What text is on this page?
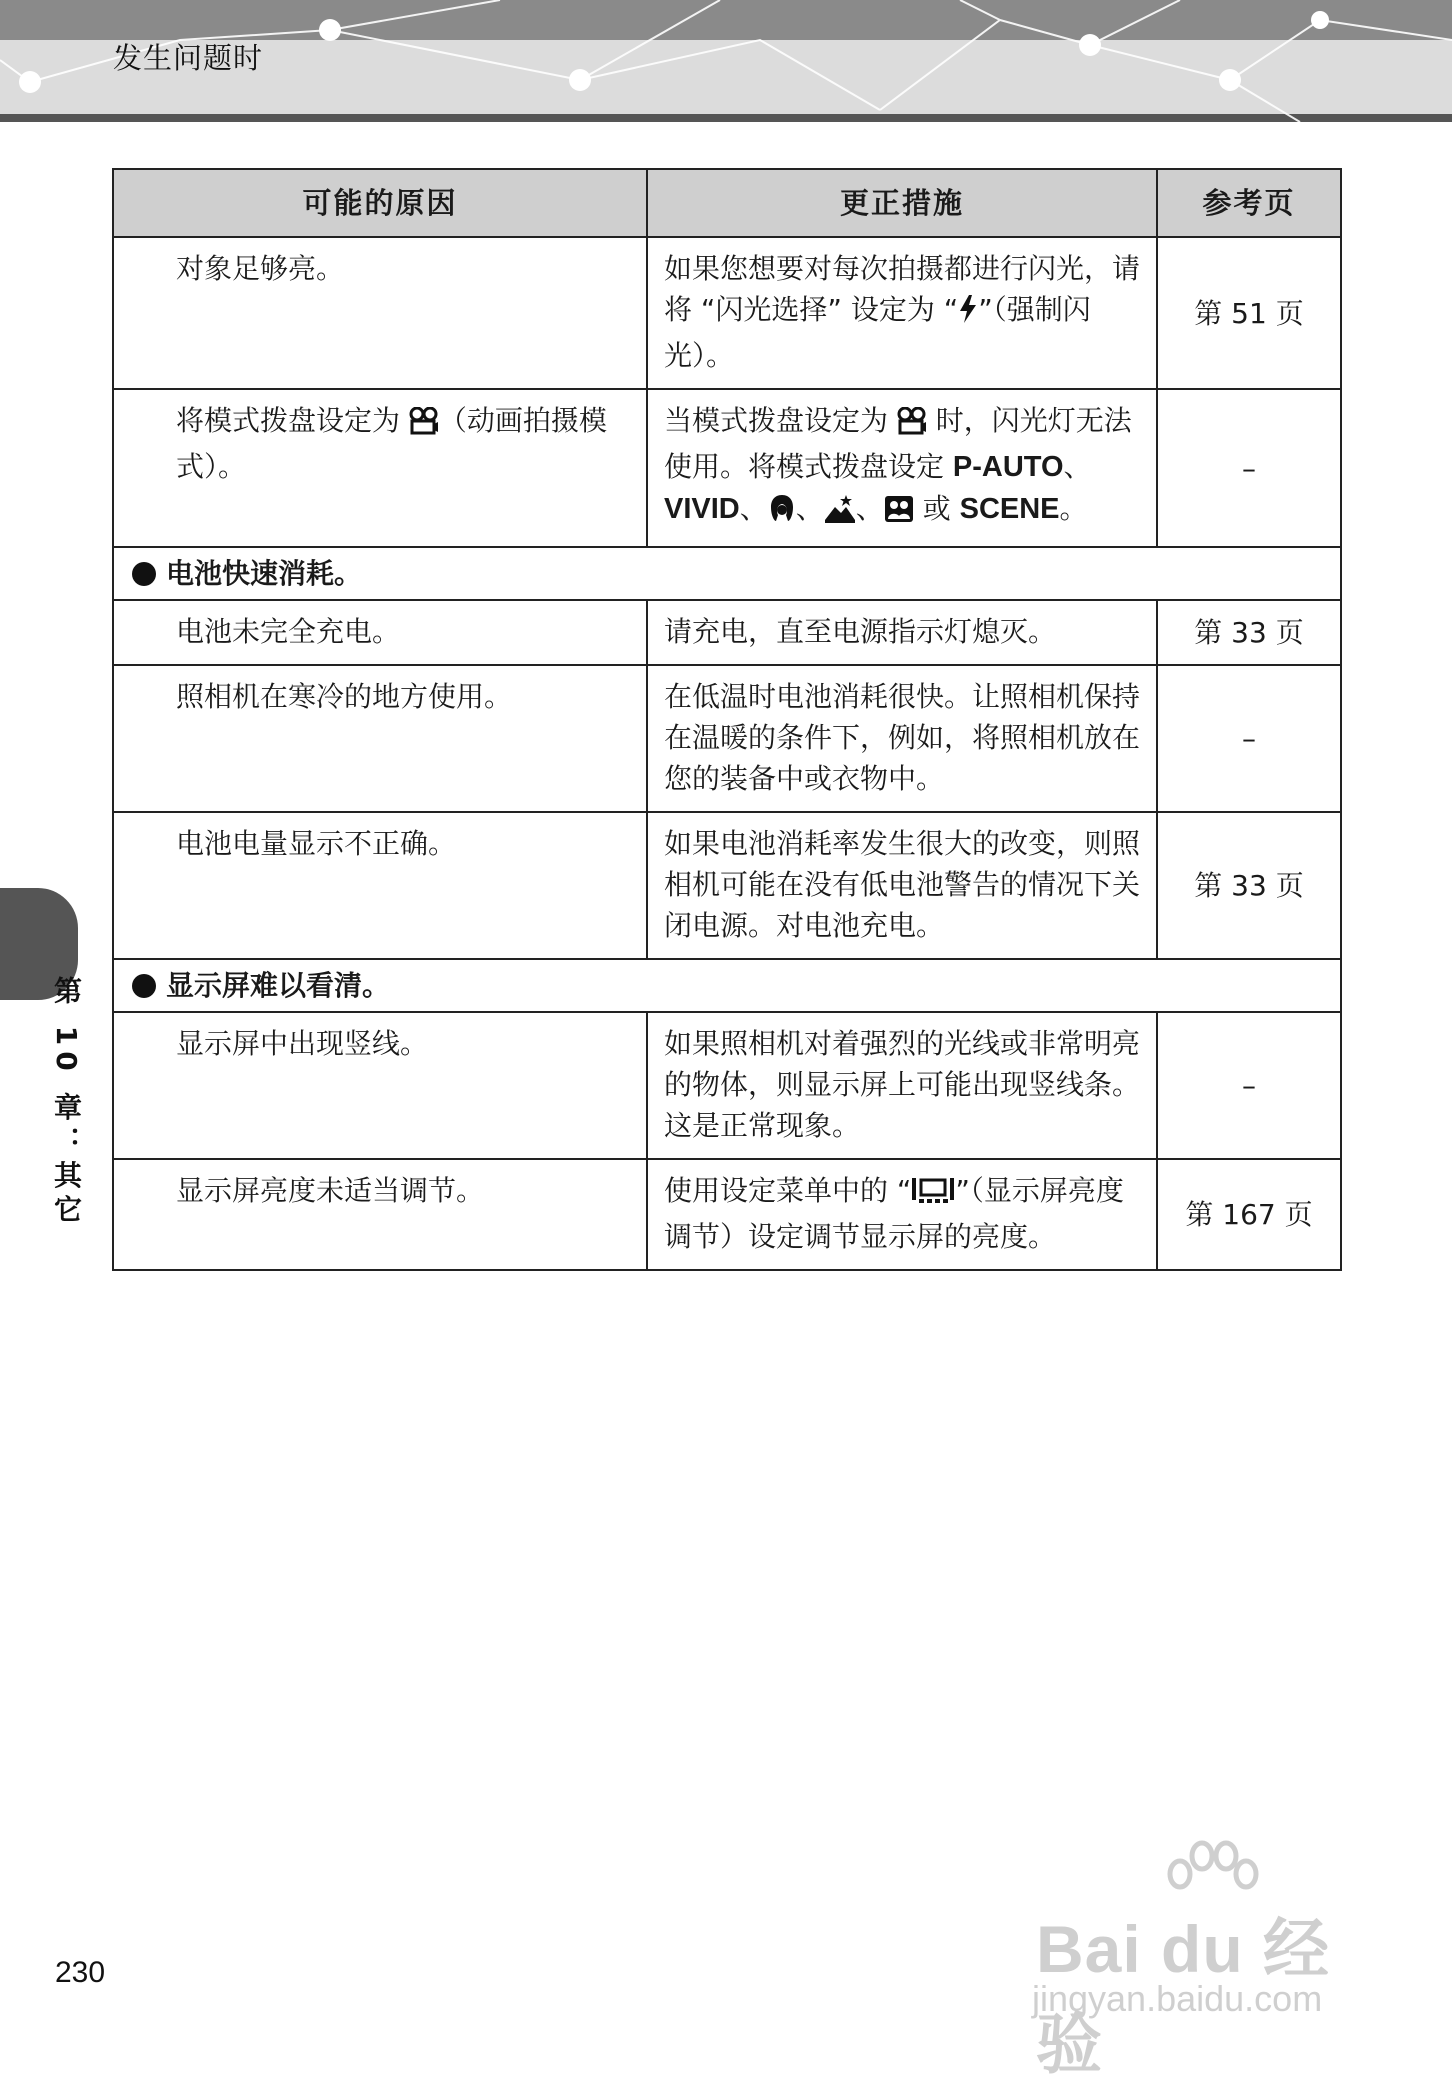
发生问题时
可能的原因	更正措施	参考页
对象足够亮。	如果您想要对每次拍摄都进行闪光，请将 “闪光选择” 设定为 “ ”（强制闪光）。	第 51 页
将模式拨盘设定为 （动画拍摄模式）。	当模式拨盘设定为  时，闪光灯无法使用。将模式拨盘设定 P-AUTO、VIVID、 、 、 或 SCENE。	–
电池快速消耗。		
电池未完全充电。	请充电，直至电源指示灯熄灭。	第 33 页
照相机在寒冷的地方使用。	在低温时电池消耗很快。让照相机保持在温暖的条件下，例如，将照相机放在您的装备中或衣物中。	–
电池电量显示不正确。	如果电池消耗率发生很大的改变，则照相机可能在没有低电池警告的情况下关闭电源。对电池充电。	第 33 页
显示屏难以看清。		
显示屏中出现竖线。	如果照相机对着强烈的光线或非常明亮的物体，则显示屏上可能出现竖线条。这是正常现象。	–
显示屏亮度未适当调节。	使用设定菜单中的 “ ”（显示屏亮度调节）设定调节显示屏的亮度。	第 167 页
第 10 章：其它
230	Bai du 经验
jingyan.baidu.com
